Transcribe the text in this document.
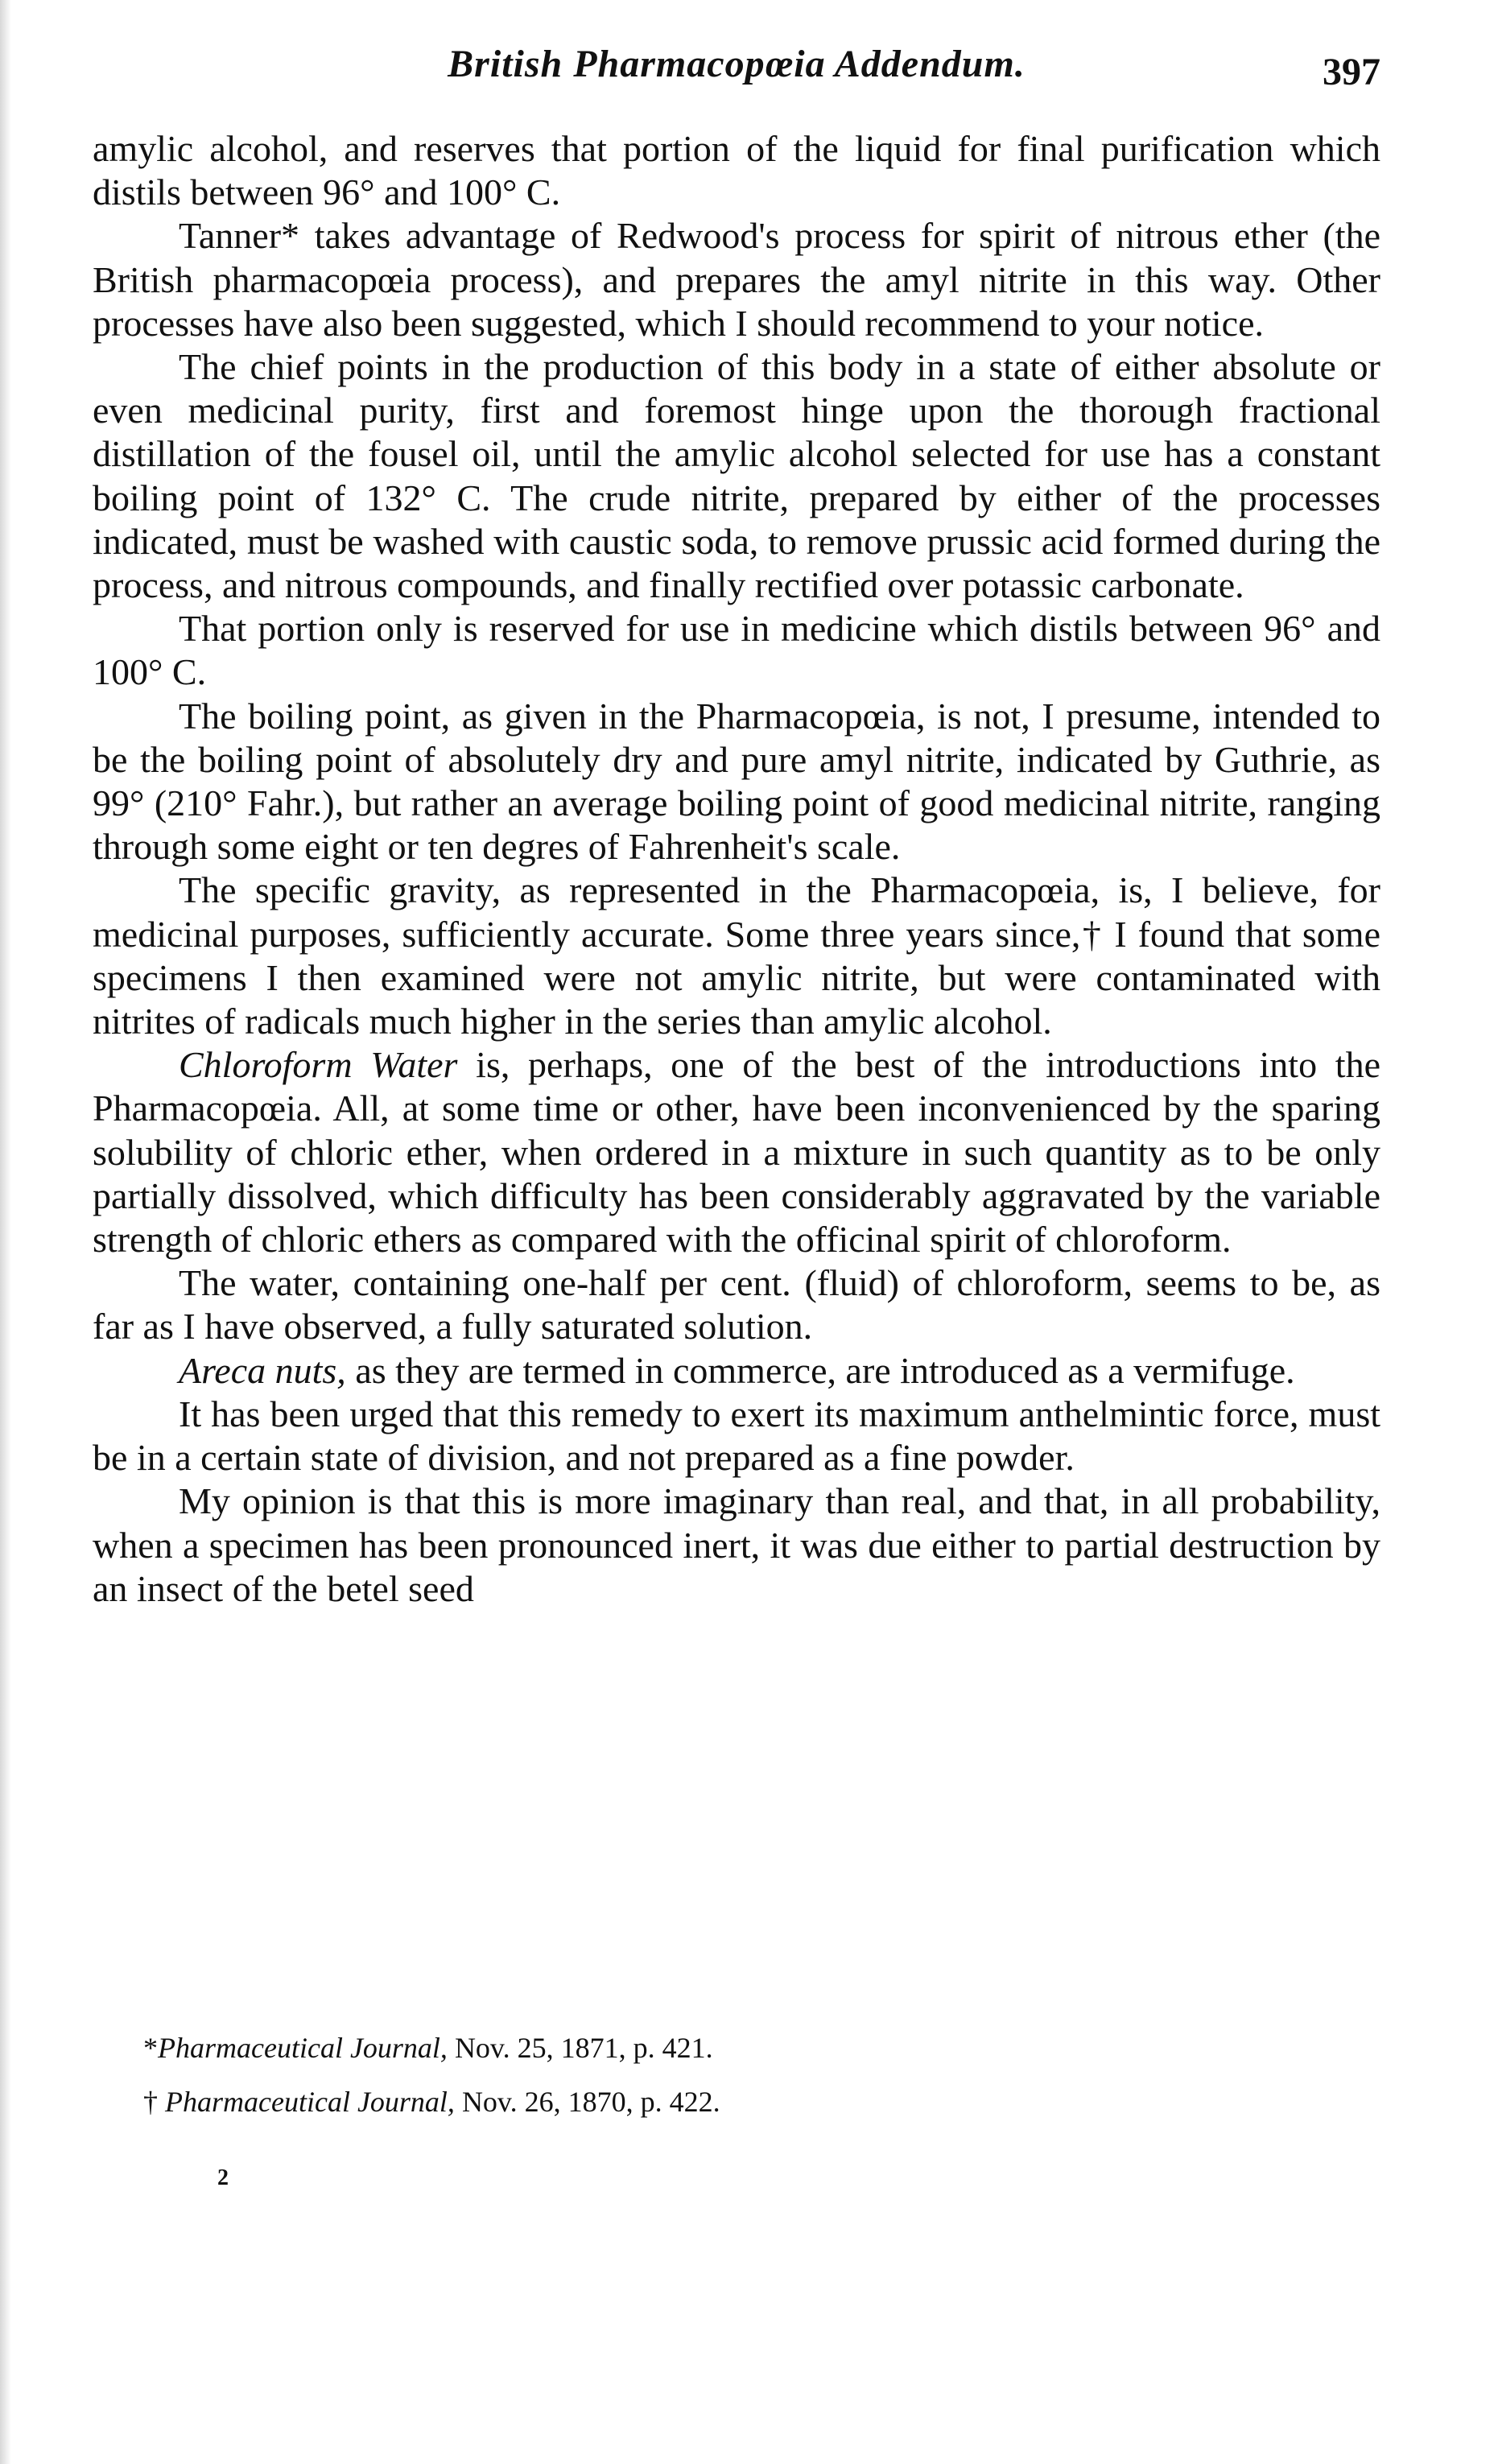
British Pharmacopœia Addendum.	397

amylic alcohol, and reserves that portion of the liquid for final purification which distils between 96° and 100° C.

Tanner* takes advantage of Redwood's process for spirit of nitrous ether (the British pharmacopœia process), and prepares the amyl nitrite in this way. Other processes have also been suggested, which I should recommend to your notice.

The chief points in the production of this body in a state of either absolute or even medicinal purity, first and foremost hinge upon the thorough fractional distillation of the fousel oil, until the amylic alcohol selected for use has a constant boiling point of 132° C. The crude nitrite, prepared by either of the processes indicated, must be washed with caustic soda, to remove prussic acid formed during the process, and nitrous compounds, and finally rectified over potassic carbonate.

That portion only is reserved for use in medicine which distils between 96° and 100° C.

The boiling point, as given in the Pharmacopœia, is not, I presume, intended to be the boiling point of absolutely dry and pure amyl nitrite, indicated by Guthrie, as 99° (210° Fahr.), but rather an average boiling point of good medicinal nitrite, ranging through some eight or ten degres of Fahrenheit's scale.

The specific gravity, as represented in the Pharmacopœia, is, I believe, for medicinal purposes, sufficiently accurate. Some three years since,† I found that some specimens I then examined were not amylic nitrite, but were contaminated with nitrites of radicals much higher in the series than amylic alcohol.

Chloroform Water is, perhaps, one of the best of the introductions into the Pharmacopœia. All, at some time or other, have been inconvenienced by the sparing solubility of chloric ether, when ordered in a mixture in such quantity as to be only partially dissolved, which difficulty has been considerably aggravated by the variable strength of chloric ethers as compared with the officinal spirit of chloroform.

The water, containing one-half per cent. (fluid) of chloroform, seems to be, as far as I have observed, a fully saturated solution.

Areca nuts, as they are termed in commerce, are introduced as a vermifuge.

It has been urged that this remedy to exert its maximum anthelmintic force, must be in a certain state of division, and not prepared as a fine powder.

My opinion is that this is more imaginary than real, and that, in all probability, when a specimen has been pronounced inert, it was due either to partial destruction by an insect of the betel seed

*Pharmaceutical Journal, Nov. 25, 1871, p. 421.
† Pharmaceutical Journal, Nov. 26, 1870, p. 422.
2
